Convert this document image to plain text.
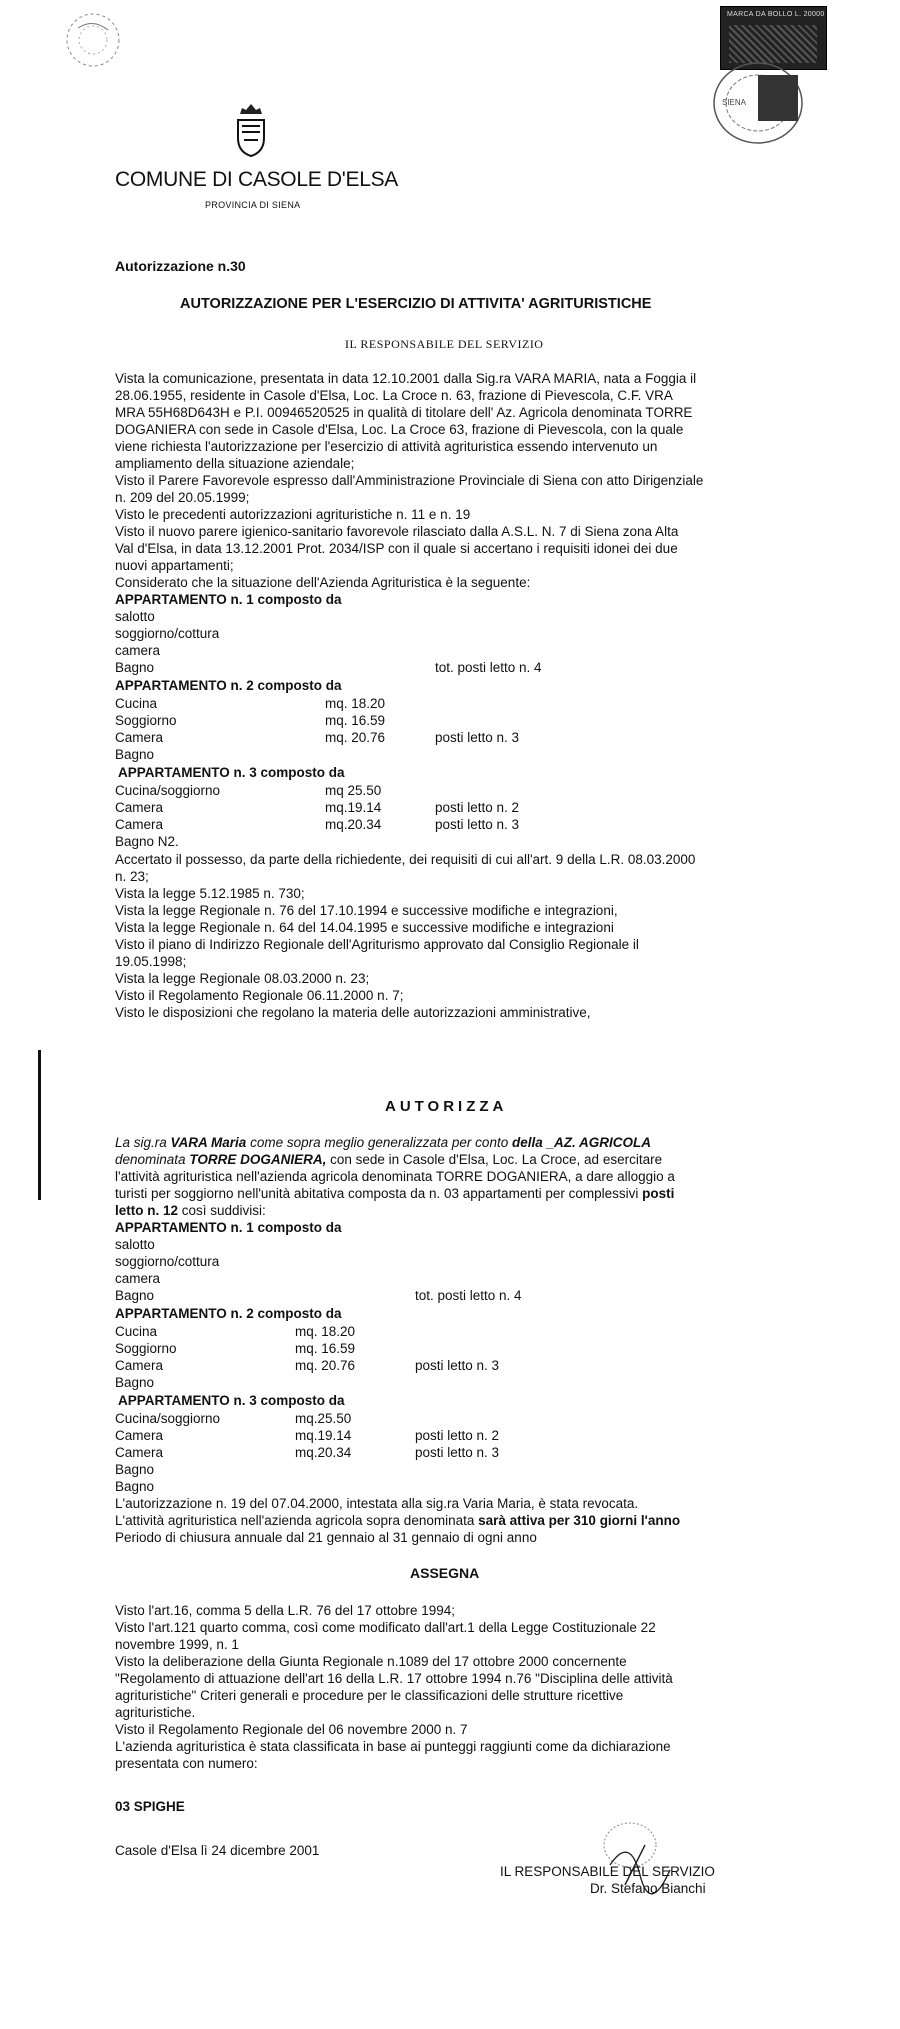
MARCA DA BOLLO L. 20000
SIENA
COMUNE DI CASOLE D'ELSA
PROVINCIA DI SIENA
Autorizzazione n.30
AUTORIZZAZIONE PER L'ESERCIZIO DI ATTIVITA' AGRITURISTICHE
IL RESPONSABILE DEL SERVIZIO
Vista la comunicazione, presentata in data 12.10.2001 dalla Sig.ra VARA MARIA, nata a Foggia il
28.06.1955, residente in Casole d'Elsa, Loc. La Croce n. 63, frazione di Pievescola, C.F. VRA
MRA 55H68D643H e P.I. 00946520525 in qualità di titolare dell' Az. Agricola denominata TORRE
DOGANIERA con sede in Casole d'Elsa, Loc. La Croce 63, frazione di Pievescola, con la quale
viene richiesta l'autorizzazione per l'esercizio di attività agrituristica essendo intervenuto un
ampliamento della situazione aziendale;
Visto il Parere Favorevole espresso dall'Amministrazione Provinciale di Siena con atto Dirigenziale
n. 209 del 20.05.1999;
Visto le precedenti autorizzazioni agrituristiche n. 11 e n. 19
Visto il nuovo parere igienico-sanitario favorevole rilasciato dalla A.S.L. N. 7 di Siena zona Alta
Val d'Elsa, in data 13.12.2001 Prot. 2034/ISP con il quale si accertano i requisiti idonei dei due
nuovi appartamenti;
Considerato che la situazione dell'Azienda Agrituristica è la seguente:
APPARTAMENTO n. 1 composto da
salotto
soggiorno/cottura
camera
Bagno	tot. posti letto n. 4
APPARTAMENTO n. 2 composto da
Cucina	mq. 18.20
Soggiorno	mq. 16.59
Camera	mq. 20.76	posti letto n. 3
Bagno
APPARTAMENTO n. 3 composto da
Cucina/soggiorno	mq 25.50
Camera	mq.19.14	posti letto n. 2
Camera	mq.20.34	posti letto n. 3
Bagno N2.
Accertato il possesso, da parte della richiedente, dei requisiti di cui all'art. 9 della L.R. 08.03.2000
n. 23;
Vista la legge 5.12.1985 n. 730;
Vista la legge Regionale n. 76 del 17.10.1994 e successive modifiche e integrazioni,
Vista la legge Regionale n. 64 del 14.04.1995 e successive modifiche e integrazioni
Visto il piano di Indirizzo Regionale dell'Agriturismo approvato dal Consiglio Regionale il
19.05.1998;
Vista la legge Regionale 08.03.2000 n. 23;
Visto il Regolamento Regionale 06.11.2000 n. 7;
Visto le disposizioni che regolano la materia delle autorizzazioni amministrative,
AUTORIZZA
La sig.ra VARA Maria come sopra meglio generalizzata per conto della _AZ. AGRICOLA
denominata TORRE DOGANIERA, con sede in Casole d'Elsa, Loc. La Croce, ad esercitare
l'attività agrituristica nell'azienda agricola denominata TORRE DOGANIERA, a dare alloggio a
turisti per soggiorno nell'unità abitativa composta da n. 03 appartamenti per complessivi posti
letto n. 12 così suddivisi:
APPARTAMENTO n. 1 composto da
salotto
soggiorno/cottura
camera
Bagno	tot. posti letto n. 4
APPARTAMENTO n. 2 composto da
Cucina	mq. 18.20
Soggiorno	mq. 16.59
Camera	mq. 20.76	posti letto n. 3
Bagno
APPARTAMENTO n. 3 composto da
Cucina/soggiorno	mq.25.50
Camera	mq.19.14	posti letto n. 2
Camera	mq.20.34	posti letto n. 3
Bagno
Bagno
L'autorizzazione n. 19 del 07.04.2000, intestata alla sig.ra Varia Maria, è stata revocata.
L'attività agrituristica nell'azienda agricola sopra denominata sarà attiva per 310 giorni l'anno
Periodo di chiusura annuale dal 21 gennaio al 31 gennaio di ogni anno
ASSEGNA
Visto l'art.16, comma 5 della L.R. 76 del 17 ottobre 1994;
Visto l'art.121 quarto comma, così come modificato dall'art.1 della Legge Costituzionale 22
novembre 1999, n. 1
Visto la deliberazione della Giunta Regionale n.1089 del 17 ottobre 2000 concernente
"Regolamento di attuazione dell'art 16 della L.R. 17 ottobre 1994 n.76 "Disciplina delle attività
agrituristiche" Criteri generali e procedure per le classificazioni delle strutture ricettive
agrituristiche.
Visto il Regolamento Regionale del 06 novembre 2000 n. 7
L'azienda agrituristica è stata classificata in base ai punteggi raggiunti come da dichiarazione
presentata con numero:
03 SPIGHE
Casole d'Elsa lì 24 dicembre 2001
IL RESPONSABILE DEL SERVIZIO
Dr. Stefano Bianchi
